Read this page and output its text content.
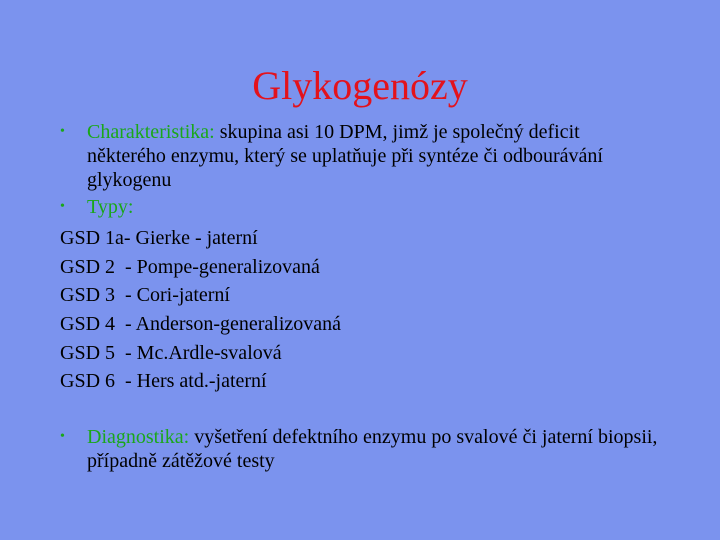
Glykogenózy
• Charakteristika: skupina asi 10 DPM, jimž je společný deficit některého enzymu, který se uplatňuje při syntéze či odbourávání glykogenu
• Typy:
GSD 1a- Gierke - jaterní
GSD 2  - Pompe-generalizovaná
GSD 3  - Cori-jaterní
GSD 4  - Anderson-generalizovaná
GSD 5  - Mc.Ardle-svalová
GSD 6  - Hers atd.-jaterní
• Diagnostika: vyšetření defektního enzymu po svalové či jaterní biopsii, případně zátěžové testy
